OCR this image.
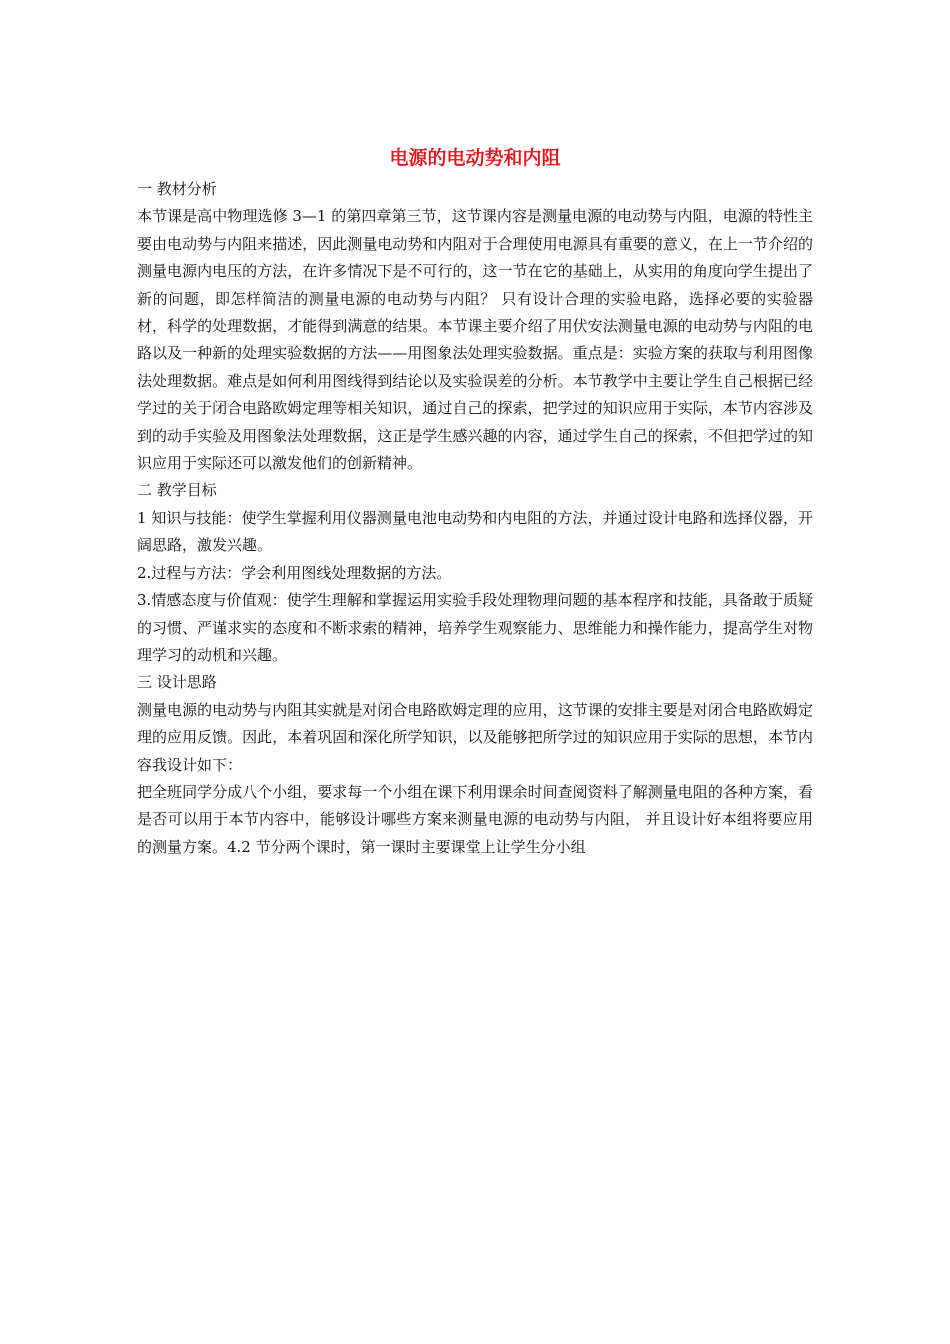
电源的电动势和内阻

一 教材分析

本节课是高中物理选修 3—1 的第四章第三节，这节课内容是测量电源的电动势与内阻，电源的特性主要由电动势与内阻来描述，因此测量电动势和内阻对于合理使用电源具有重要的意义，在上一节介绍的测量电源内电压的方法，在许多情况下是不可行的，这一节在它的基础上，从实用的角度向学生提出了新的问题，即怎样简洁的测量电源的电动势与内阻？ 只有设计合理的实验电路，选择必要的实验器材，科学的处理数据，才能得到满意的结果。本节课主要介绍了用伏安法测量电源的电动势与内阻的电路以及一种新的处理实验数据的方法——用图象法处理实验数据。重点是：实验方案的获取与利用图像法处理数据。难点是如何利用图线得到结论以及实验误差的分析。本节教学中主要让学生自己根据已经学过的关于闭合电路欧姆定理等相关知识，通过自己的探索，把学过的知识应用于实际，本节内容涉及到的动手实验及用图象法处理数据，这正是学生感兴趣的内容，通过学生自己的探索，不但把学过的知识应用于实际还可以激发他们的创新精神。

二 教学目标

1 知识与技能：使学生掌握利用仪器测量电池电动势和内电阻的方法，并通过设计电路和选择仪器，开阔思路，激发兴趣。

2.过程与方法：学会利用图线处理数据的方法。

3.情感态度与价值观：使学生理解和掌握运用实验手段处理物理问题的基本程序和技能，具备敢于质疑的习惯、严谨求实的态度和不断求索的精神，培养学生观察能力、思维能力和操作能力，提高学生对物理学习的动机和兴趣。

三 设计思路

测量电源的电动势与内阻其实就是对闭合电路欧姆定理的应用，这节课的安排主要是对闭合电路欧姆定理的应用反馈。因此，本着巩固和深化所学知识，以及能够把所学过的知识应用于实际的思想，本节内容我设计如下：

把全班同学分成八个小组，要求每一个小组在课下利用课余时间查阅资料了解测量电阻的各种方案，看是否可以用于本节内容中，能够设计哪些方案来测量电源的电动势与内阻， 并且设计好本组将要应用的测量方案。4.2 节分两个课时，第一课时主要课堂上让学生分小组
